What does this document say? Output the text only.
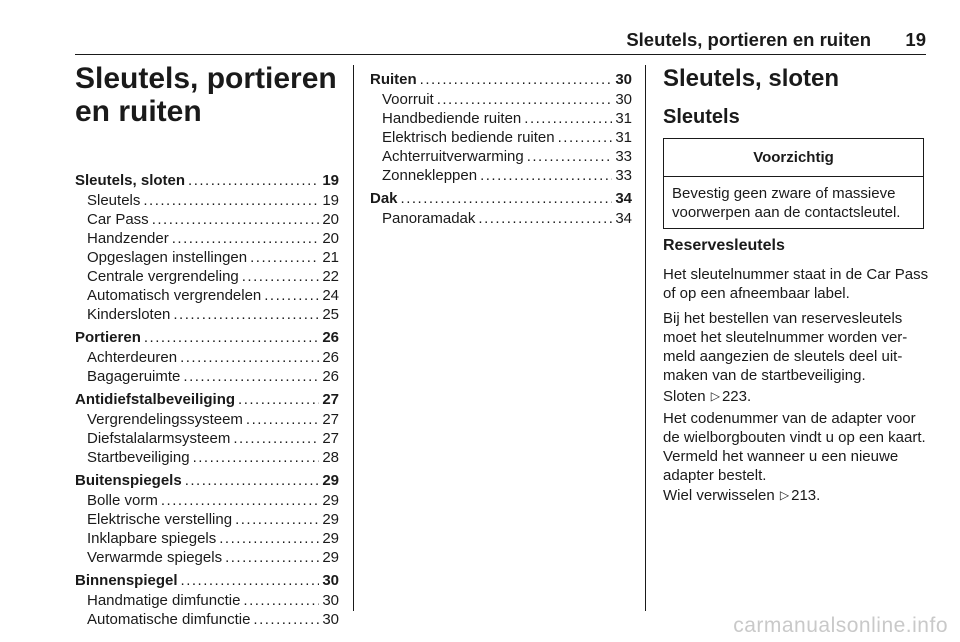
Sleutels, portieren en ruiten	19
Sleutels, portieren en ruiten
Sleutels, sloten .....	19
Sleutels .....	19
Car Pass .....	20
Handzender .....	20
Opgeslagen instellingen .....	21
Centrale vergrendeling .....	22
Automatisch vergrendelen .....	24
Kindersloten .....	25
Portieren .....	26
Achterdeuren .....	26
Bagageruimte .....	26
Antidiefstalbeveiliging .....	27
Vergrendelingssysteem .....	27
Diefstalalarmsysteem .....	27
Startbeveiliging .....	28
Buitenspiegels .....	29
Bolle vorm .....	29
Elektrische verstelling .....	29
Inklapbare spiegels .....	29
Verwarmde spiegels .....	29
Binnenspiegel .....	30
Handmatige dimfunctie .....	30
Automatische dimfunctie .....	30
Ruiten .....	30
Voorruit .....	30
Handbediende ruiten .....	31
Elektrisch bediende ruiten .....	31
Achterruitverwarming .....	33
Zonnekleppen .....	33
Dak .....	34
Panoramadak .....	34
Sleutels, sloten
Sleutels
Voorzichtig
Bevestig geen zware of massieve voorwerpen aan de contactsleutel.
Reservesleutels

Het sleutelnummer staat in de Car Pass of op een afneembaar label.

Bij het bestellen van reservesleutels moet het sleutelnummer worden ver-meld aangezien de sleutels deel uit-maken van de startbeveiliging.

Sloten ▷ 223.

Het codenummer van de adapter voor de wielborgbouten vindt u op een kaart. Vermeld het wanneer u een nieuwe adapter bestelt.

Wiel verwisselen ▷ 213.

carmanualsonline.info
